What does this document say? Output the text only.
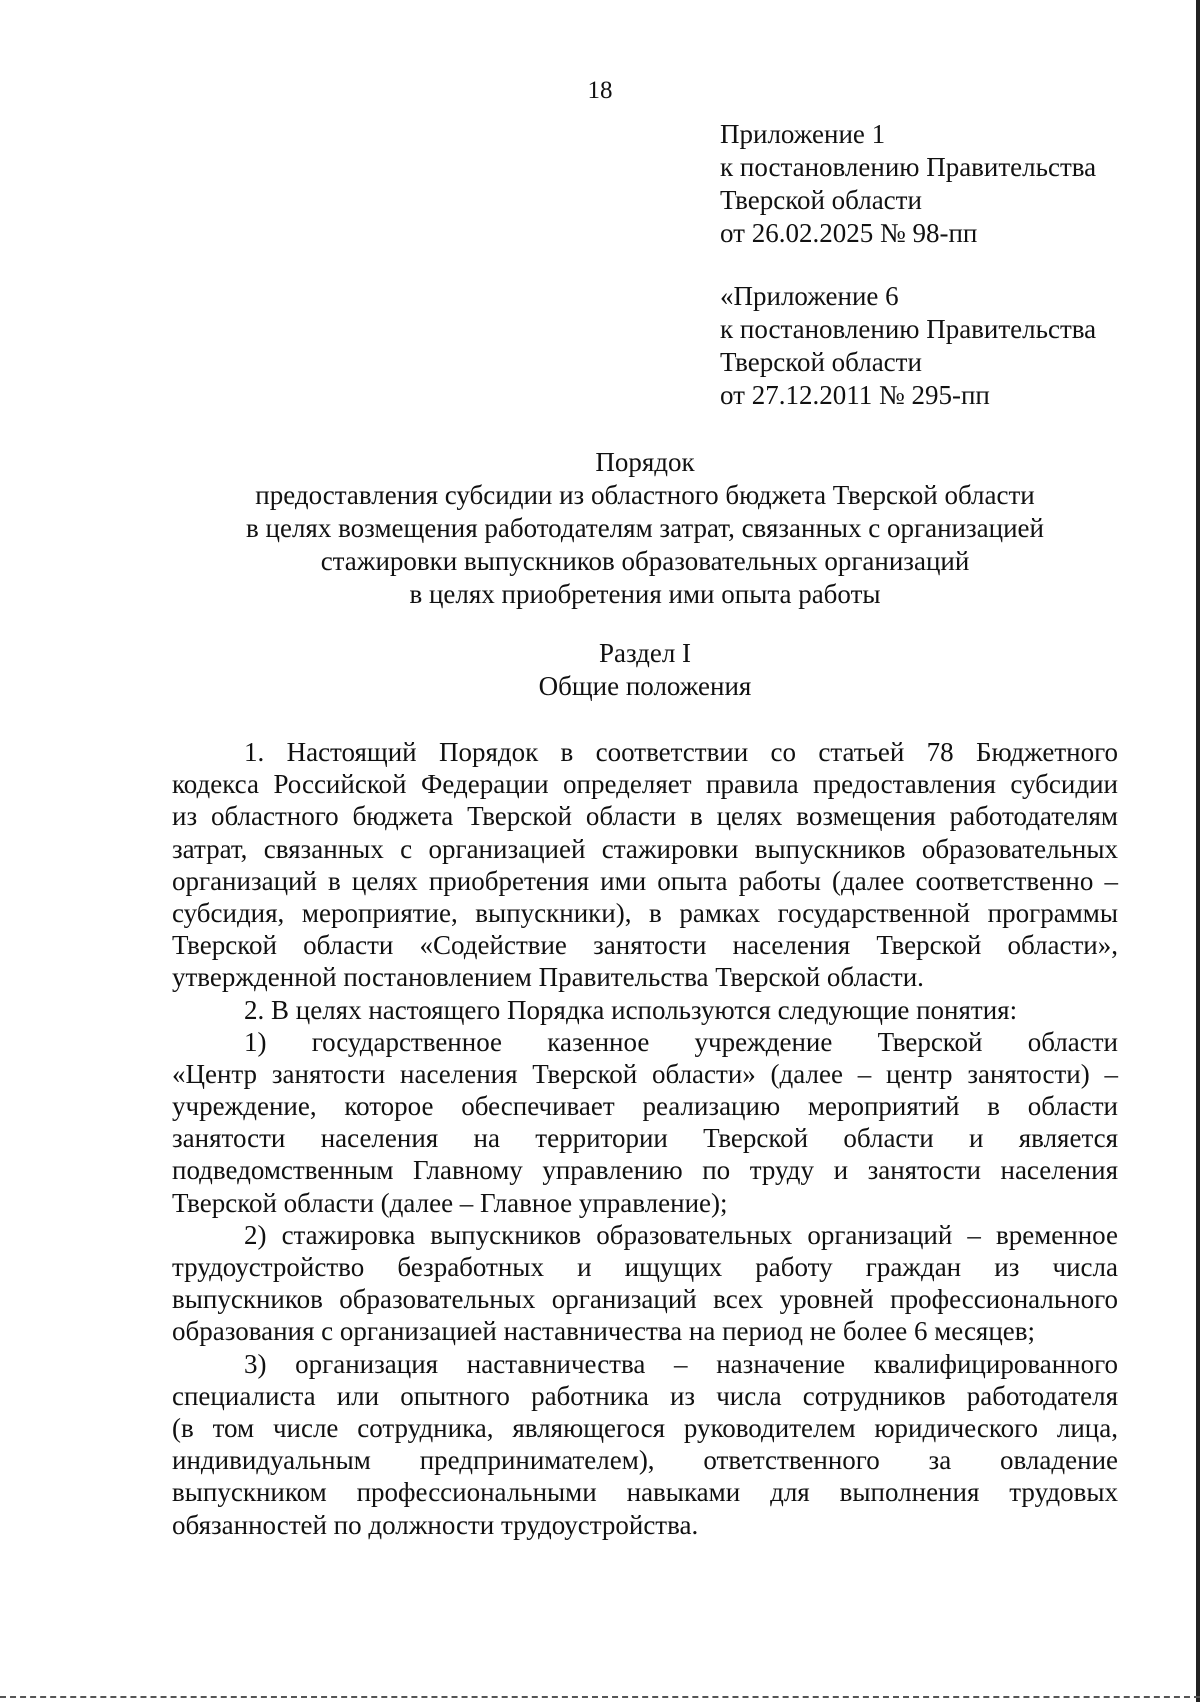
18
Приложение 1
к постановлению Правительства
Тверской области
от 26.02.2025 № 98-пп
«Приложение 6
к постановлению Правительства
Тверской области
от 27.12.2011 № 295-пп
Порядок
предоставления субсидии из областного бюджета Тверской области
в целях возмещения работодателям затрат, связанных с организацией
стажировки выпускников образовательных организаций
в целях приобретения ими опыта работы
Раздел I
Общие положения
1. Настоящий Порядок в соответствии со статьей 78 Бюджетного
кодекса Российской Федерации определяет правила предоставления субсидии
из областного бюджета Тверской области в целях возмещения работодателям
затрат, связанных с организацией стажировки выпускников образовательных
организаций в целях приобретения ими опыта работы (далее соответственно –
субсидия, мероприятие, выпускники), в рамках государственной программы
Тверской области «Содействие занятости населения Тверской области»,
утвержденной постановлением Правительства Тверской области.
2. В целях настоящего Порядка используются следующие понятия:
1) государственное казенное учреждение Тверской области
«Центр занятости населения Тверской области» (далее – центр занятости) –
учреждение, которое обеспечивает реализацию мероприятий в области
занятости населения на территории Тверской области и является
подведомственным Главному управлению по труду и занятости населения
Тверской области (далее – Главное управление);
2) стажировка выпускников образовательных организаций – временное
трудоустройство безработных и ищущих работу граждан из числа
выпускников образовательных организаций всех уровней профессионального
образования с организацией наставничества на период не более 6 месяцев;
3) организация наставничества – назначение квалифицированного
специалиста или опытного работника из числа сотрудников работодателя
(в том числе сотрудника, являющегося руководителем юридического лица,
индивидуальным предпринимателем), ответственного за овладение
выпускником профессиональными навыками для выполнения трудовых
обязанностей по должности трудоустройства.
